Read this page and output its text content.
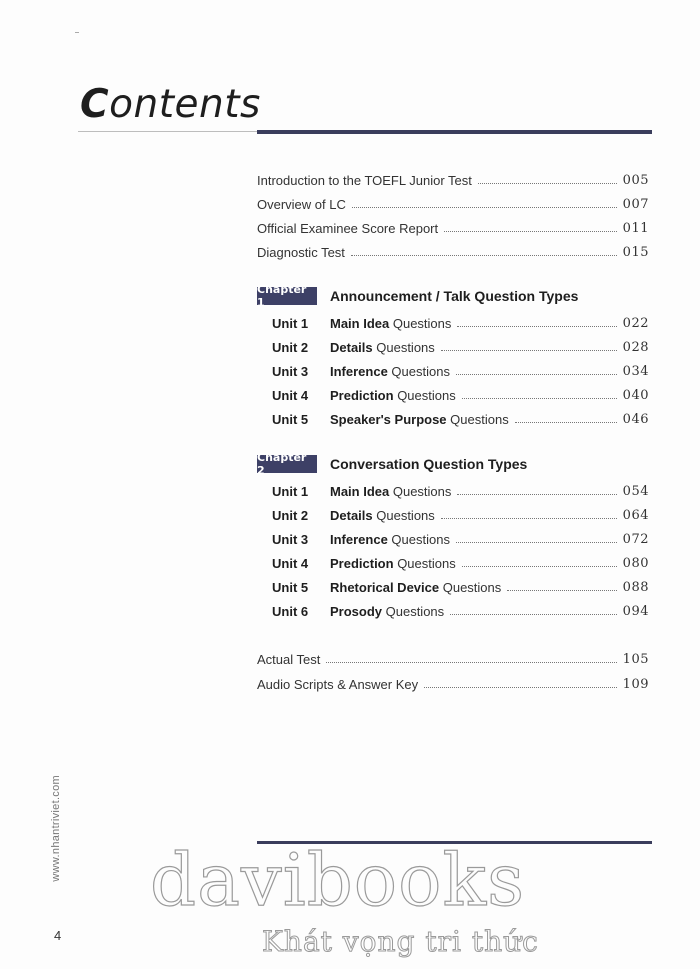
Contents
Introduction to the TOEFL Junior Test	005
Overview of LC	007
Official Examinee Score Report	011
Diagnostic Test	015
Chapter 1	Announcement / Talk Question Types
Unit 1	Main Idea Questions	022
Unit 2	Details Questions	028
Unit 3	Inference Questions	034
Unit 4	Prediction Questions	040
Unit 5	Speaker's Purpose Questions	046
Chapter 2	Conversation Question Types
Unit 1	Main Idea Questions	054
Unit 2	Details Questions	064
Unit 3	Inference Questions	072
Unit 4	Prediction Questions	080
Unit 5	Rhetorical Device Questions	088
Unit 6	Prosody Questions	094
Actual Test	105
Audio Scripts & Answer Key	109
www.nhantriviet.com
4
davibooks
Khát vọng tri thức
